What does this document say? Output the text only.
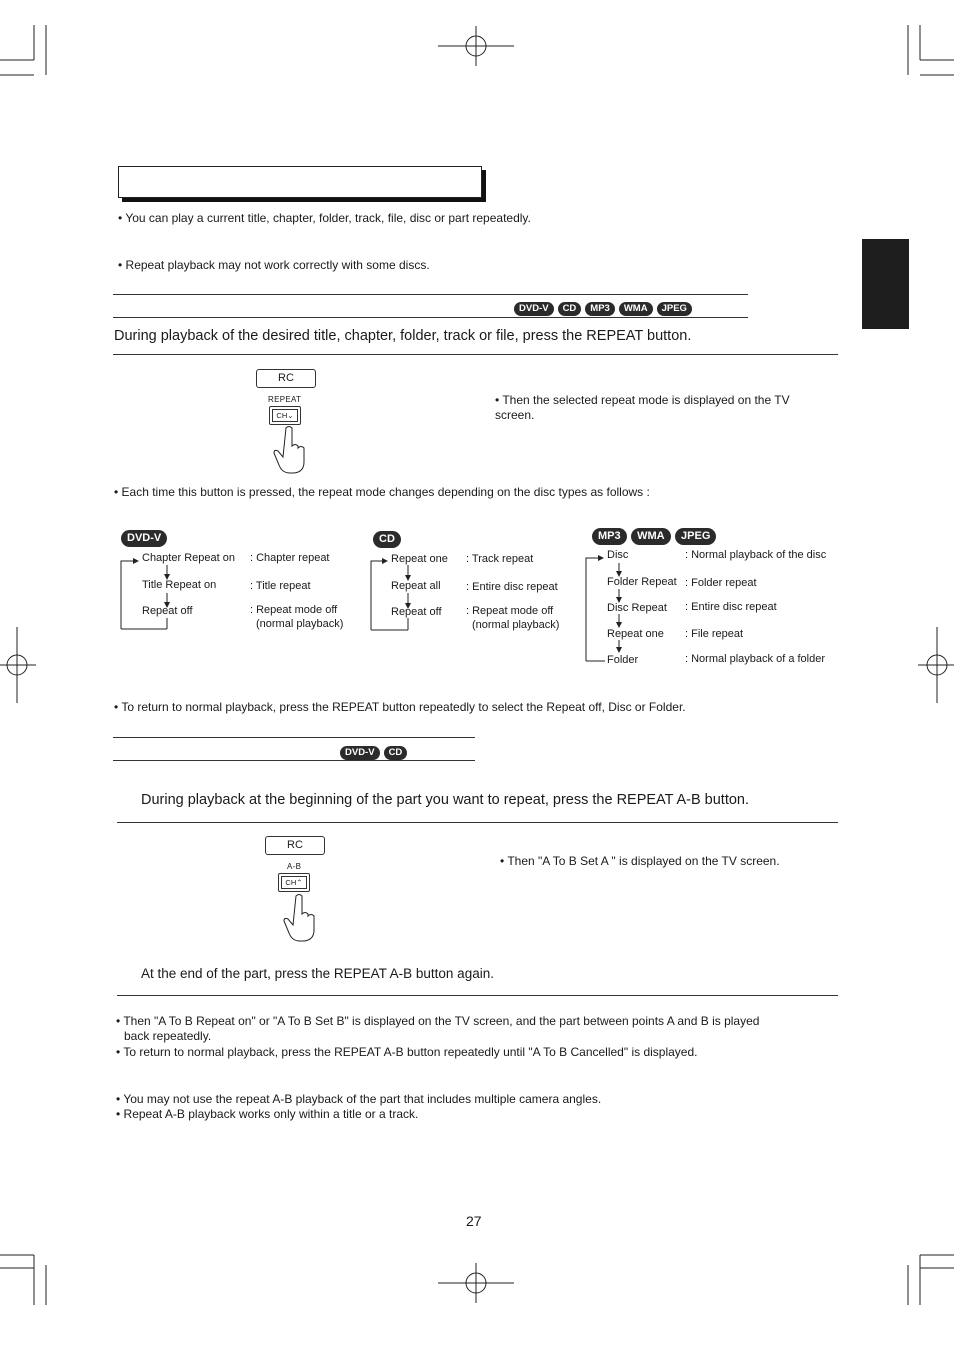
• You can play a current title, chapter, folder, track, file, disc or part repeatedly.
• Repeat playback may not work correctly with some discs.
DVD-V CD MP3 WMA JPEG
During playback of the desired title, chapter, folder, track or file, press the REPEAT button.
RC
REPEAT
CH⌄
• Then the selected repeat mode is displayed on the TV screen.
• Each time this button is pressed, the repeat mode changes depending on the disc types as follows :
DVD-V
Chapter Repeat on
Title Repeat on
Repeat off
: Chapter repeat
: Title repeat
: Repeat mode off
(normal playback)
CD
Repeat one
Repeat all
Repeat off
: Track repeat
: Entire disc repeat
: Repeat mode off
(normal playback)
MP3 WMA JPEG
Disc
Folder Repeat
Disc Repeat
Repeat one
Folder
: Normal playback of the disc
: Folder repeat
: Entire disc repeat
: File repeat
: Normal playback of a folder
• To return to normal playback, press the REPEAT button repeatedly to select the Repeat off, Disc or Folder.
DVD-V CD
During playback at the beginning of the part you want to repeat, press the REPEAT A-B button.
RC
A-B
CH⌃
• Then "A To B Set A " is displayed on the TV screen.
At the end of the part, press the REPEAT A-B button again.
• Then "A To B Repeat on" or "A To B Set B" is displayed on the TV screen, and the part between points A and B is played
back repeatedly.
• To return to normal playback, press the REPEAT A-B button repeatedly until "A To B Cancelled" is displayed.
• You may not use the repeat A-B playback of the part that includes multiple camera angles.
• Repeat A-B playback works only within a title or a track.
27
